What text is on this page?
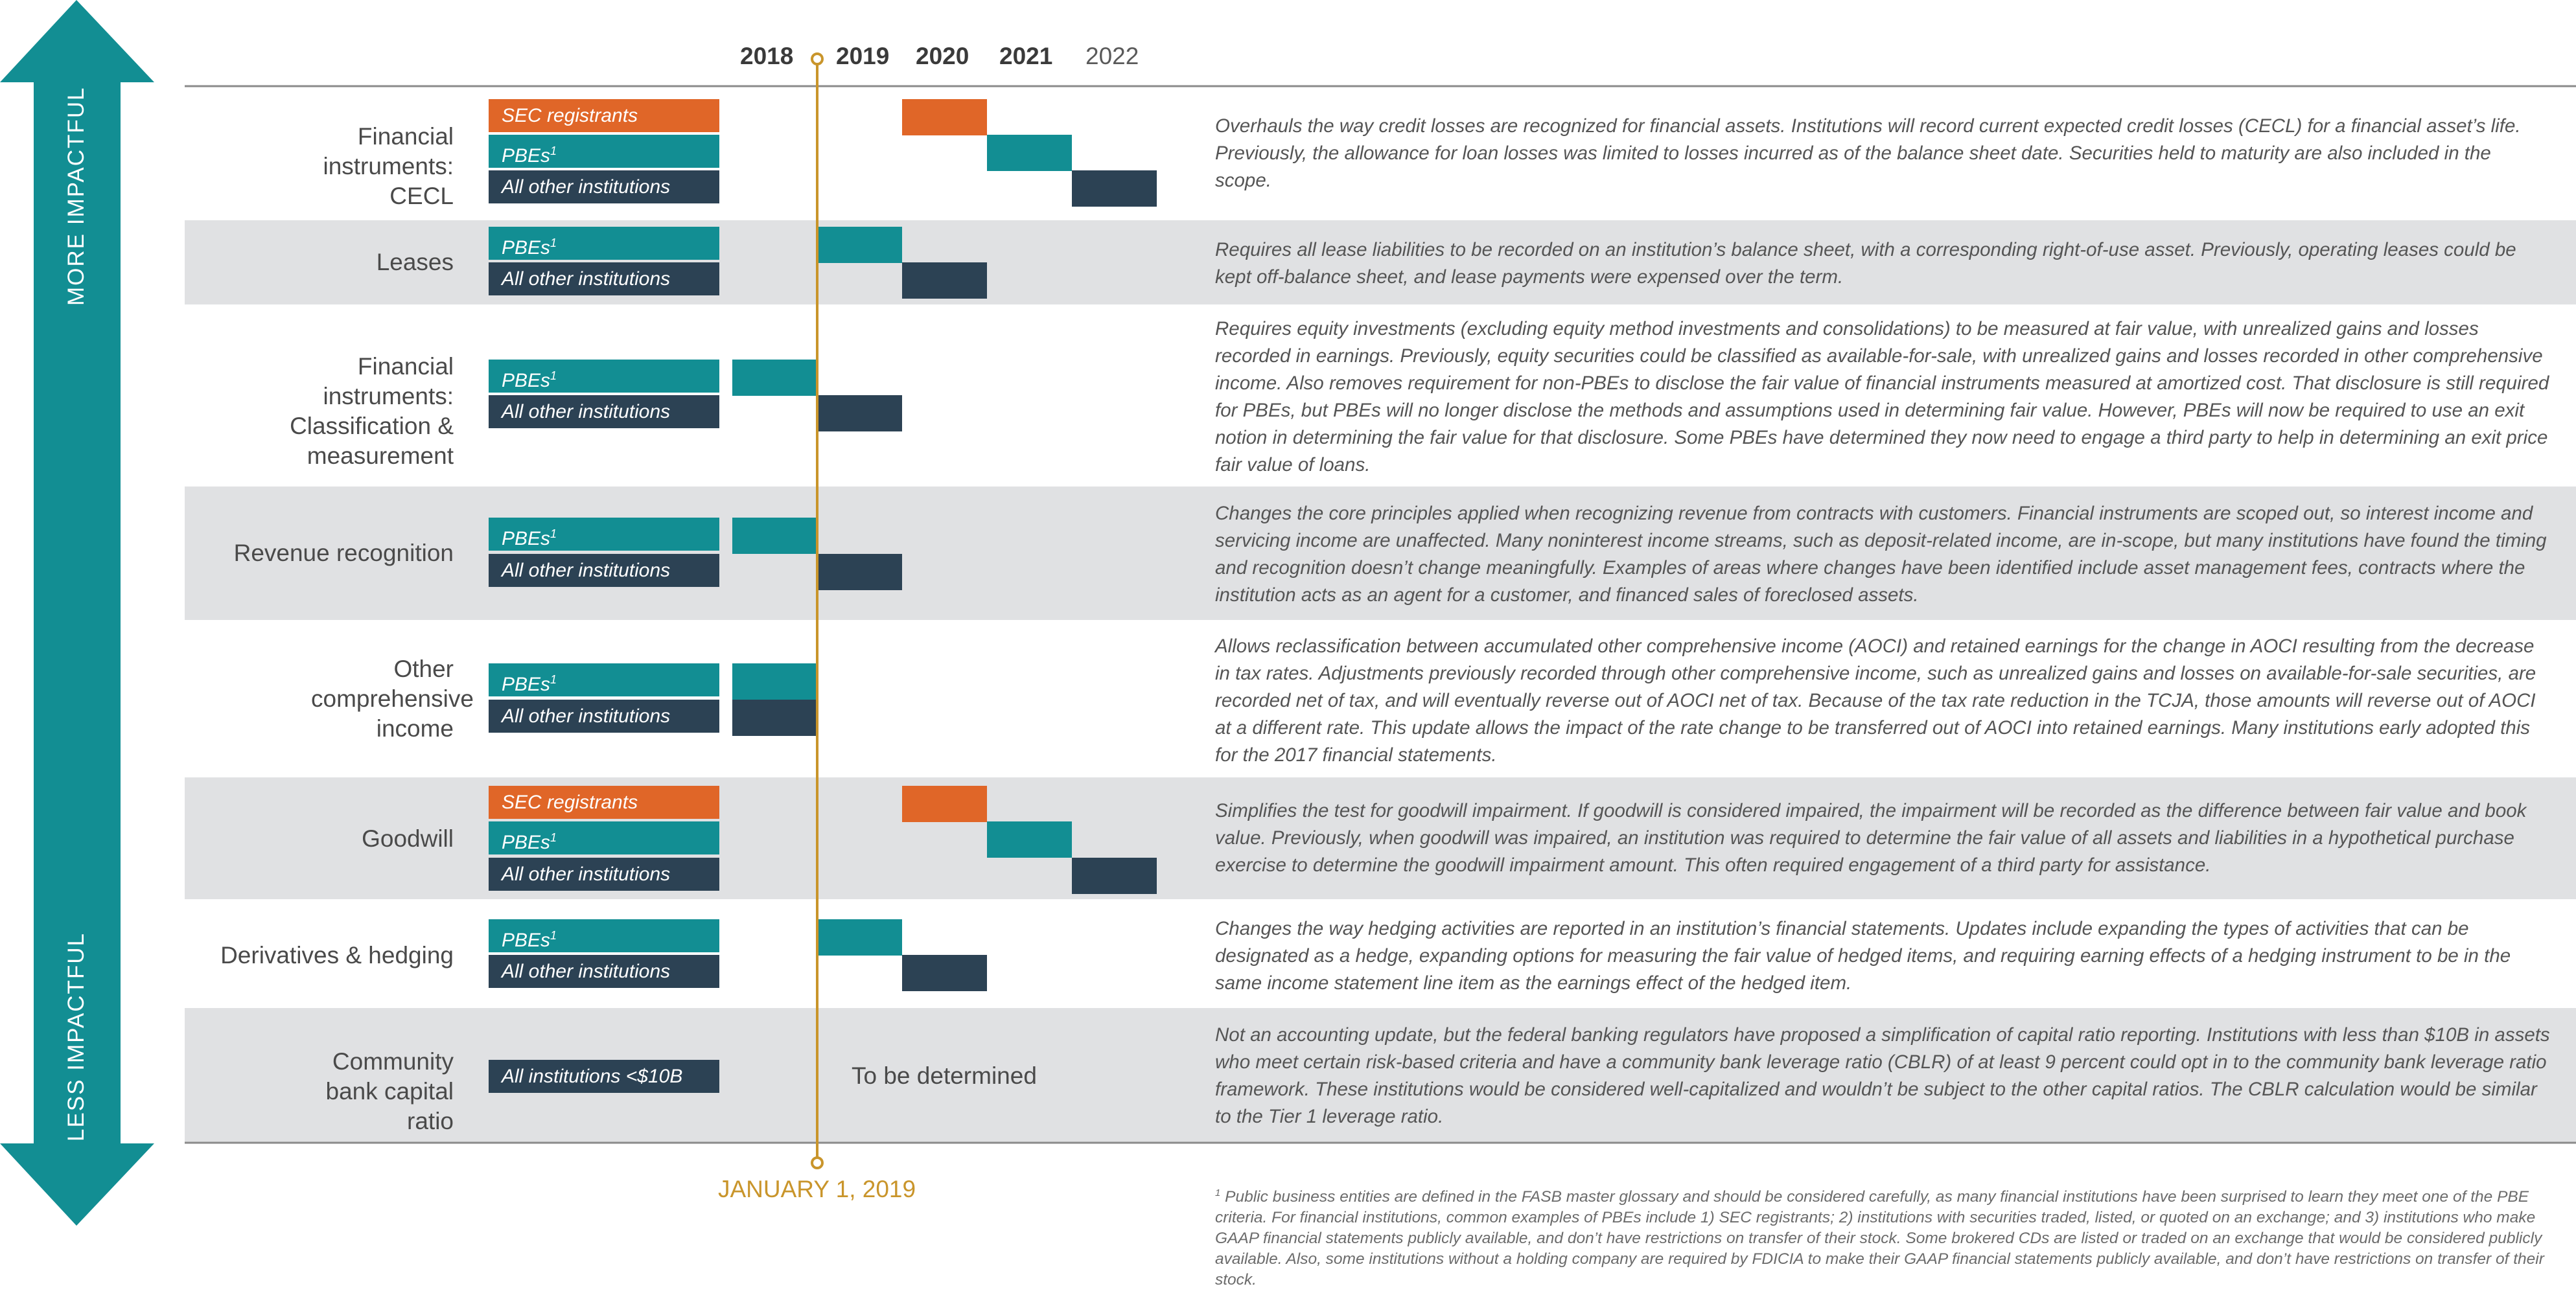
MORE IMPACTFUL
LESS IMPACTFUL
2018 2019 2020 2021 2022
Financial instruments: CECL
SEC registrants
PBEs$^1$
All other institutions
Overhauls the way credit losses are recognized for financial assets. Institutions will record current expected credit losses (CECL) for a financial asset’s life. Previously, the allowance for loan losses was limited to losses incurred as of the balance sheet date. Securities held to maturity are also included in the scope.
Leases
PBEs$^1$
All other institutions
Requires all lease liabilities to be recorded on an institution’s balance sheet, with a corresponding right-of-use asset. Previously, operating leases could be kept off-balance sheet, and lease payments were expensed over the term.
Financial instruments: Classification & measurement
PBEs$^1$
All other institutions
Requires equity investments (excluding equity method investments and consolidations) to be measured at fair value, with unrealized gains and losses recorded in earnings. Previously, equity securities could be classified as available-for-sale, with unrealized gains and losses recorded in other comprehensive income. Also removes requirement for non-PBEs to disclose the fair value of financial instruments measured at amortized cost. That disclosure is still required for PBEs, but PBEs will no longer disclose the methods and assumptions used in determining fair value. However, PBEs will now be required to use an exit notion in determining the fair value for that disclosure. Some PBEs have determined they now need to engage a third party to help in determining an exit price fair value of loans.
Revenue recognition
PBEs$^1$
All other institutions
Changes the core principles applied when recognizing revenue from contracts with customers. Financial instruments are scoped out, so interest income and servicing income are unaffected. Many noninterest income streams, such as deposit-related income, are in-scope, but many institutions have found the timing and recognition doesn’t change meaningfully. Examples of areas where changes have been identified include asset management fees, contracts where the institution acts as an agent for a customer, and financed sales of foreclosed assets.
Other comprehensive income
PBEs$^1$
All other institutions
Allows reclassification between accumulated other comprehensive income (AOCI) and retained earnings for the change in AOCI resulting from the decrease in tax rates. Adjustments previously recorded through other comprehensive income, such as unrealized gains and losses on available-for-sale securities, are recorded net of tax, and will eventually reverse out of AOCI net of tax. Because of the tax rate reduction in the TCJA, those amounts will reverse out of AOCI at a different rate. This update allows the impact of the rate change to be transferred out of AOCI into retained earnings. Many institutions early adopted this for the 2017 financial statements.
Goodwill
SEC registrants
PBEs$^1$
All other institutions
Simplifies the test for goodwill impairment. If goodwill is considered impaired, the impairment will be recorded as the difference between fair value and book value. Previously, when goodwill was impaired, an institution was required to determine the fair value of all assets and liabilities in a hypothetical purchase exercise to determine the goodwill impairment amount. This often required engagement of a third party for assistance.
Derivatives & hedging
PBEs$^1$
All other institutions
Changes the way hedging activities are reported in an institution’s financial statements. Updates include expanding the types of activities that can be designated as a hedge, expanding options for measuring the fair value of hedged items, and requiring earning effects of a hedging instrument to be in the same income statement line item as the earnings effect of the hedged item.
Community bank capital ratio
All institutions <$10B	To be determined
Not an accounting update, but the federal banking regulators have proposed a simplification of capital ratio reporting. Institutions with less than $10B in assets who meet certain risk-based criteria and have a community bank leverage ratio (CBLR) of at least 9 percent could opt in to the community bank leverage ratio framework. These institutions would be considered well-capitalized and wouldn’t be subject to the other capital ratios. The CBLR calculation would be similar to the Tier 1 leverage ratio.
JANUARY 1, 2019	$^1$ Public business entities are defined in the FASB master glossary and should be considered carefully, as many financial institutions have been surprised to learn they meet one of the PBE criteria. For financial institutions, common examples of PBEs include 1) SEC registrants; 2) institutions with securities traded, listed, or quoted on an exchange; and 3) institutions who make GAAP financial statements publicly available, and don’t have restrictions on transfer of their stock. Some brokered CDs are listed or traded on an exchange that would be considered publicly available. Also, some institutions without a holding company are required by FDICIA to make their GAAP financial statements publicly available, and don’t have restrictions on transfer of their stock.
